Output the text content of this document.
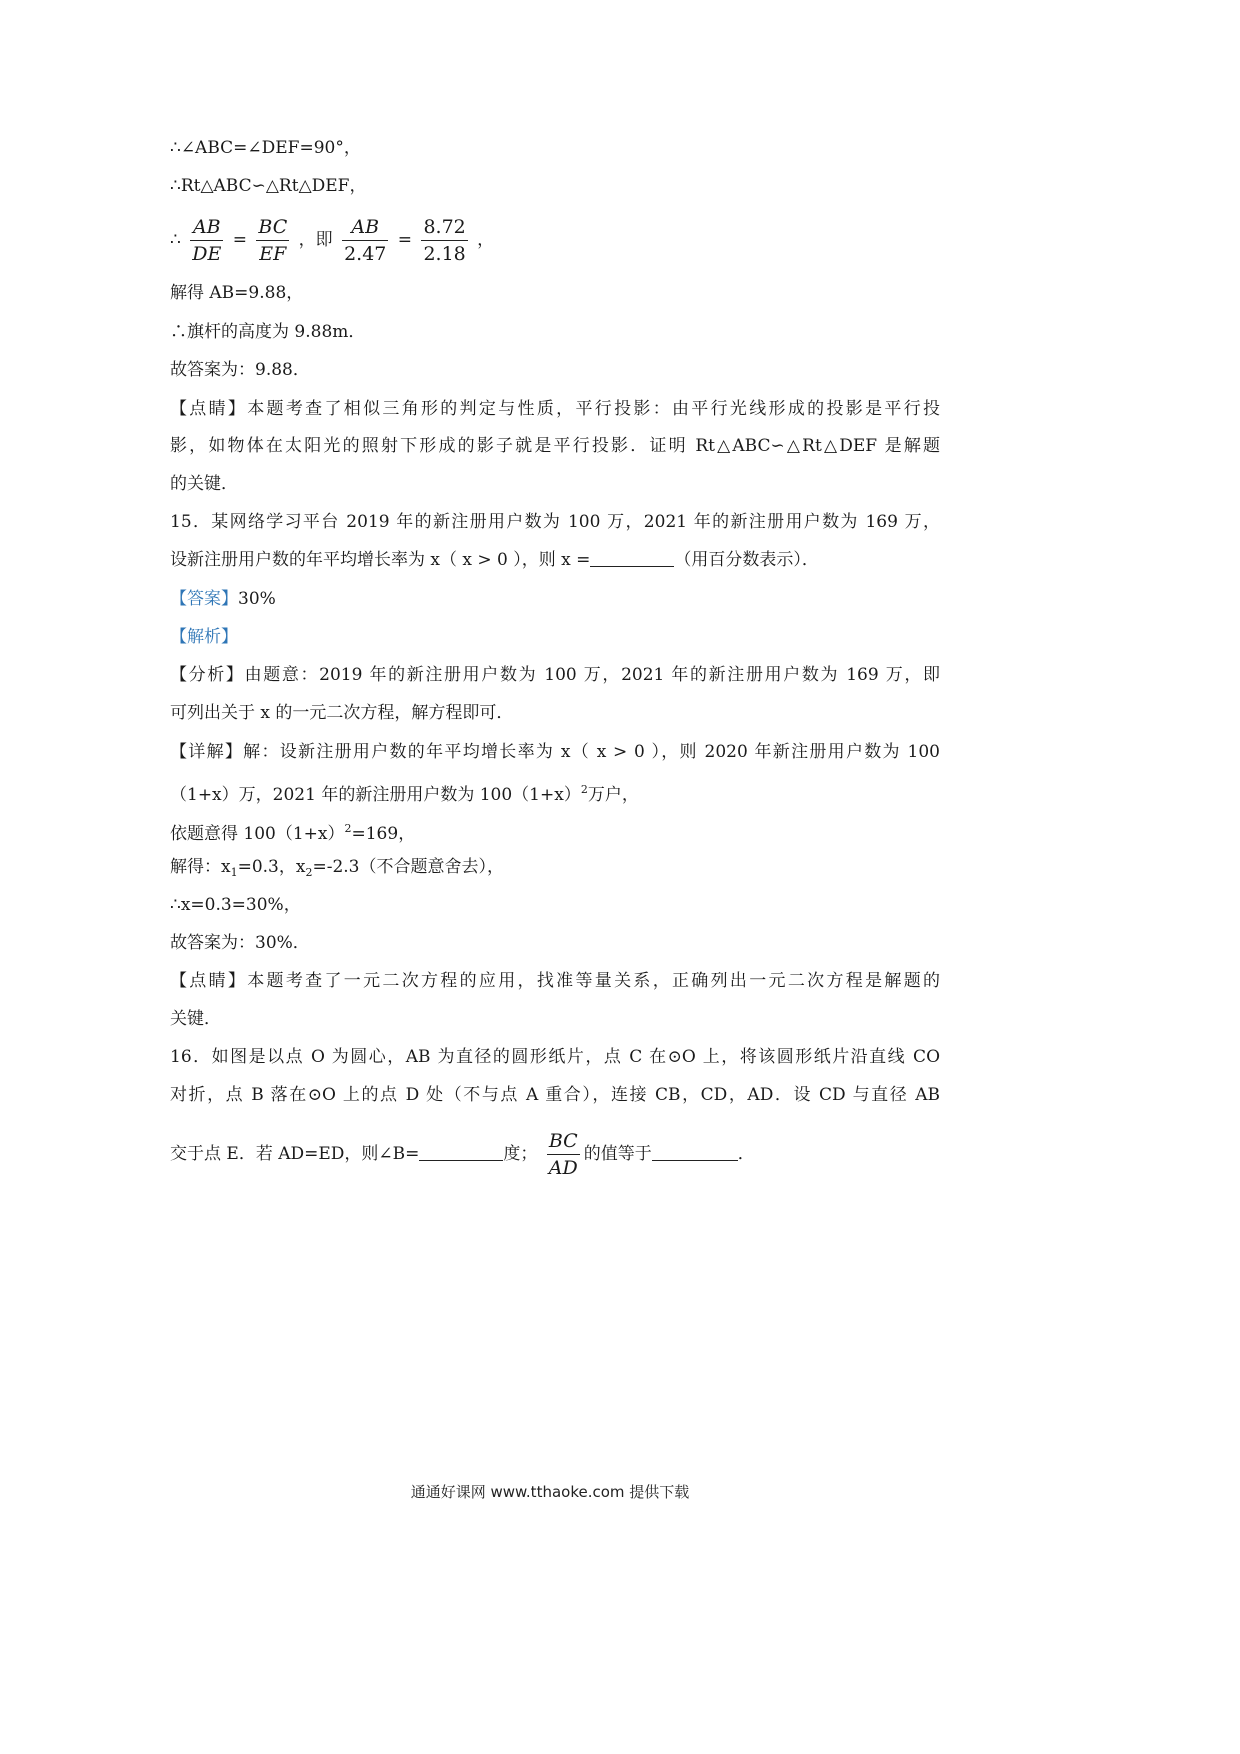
∴∠ABC=∠DEF=90°，
∴Rt△ABC∽△Rt△DEF，
∴ $\frac{AB}{DE} = \frac{BC}{EF}$ ，即 $\frac{AB}{2.47} = \frac{8.72}{2.18}$ ，
解得 AB=9.88，
∴旗杆的高度为 9.88m．
故答案为：9.88．
【点睛】本题考查了相似三角形的判定与性质，平行投影：由平行光线形成的投影是平行投
影，如物体在太阳光的照射下形成的影子就是平行投影．证明 Rt△ABC∽△Rt△DEF 是解题
的关键．
15．某网络学习平台 2019 年的新注册用户数为 100 万，2021 年的新注册用户数为 169 万，
设新注册用户数的年平均增长率为 x（ x > 0 ），则 x =	（用百分数表示）．
【答案】30%
【解析】
【分析】由题意：2019 年的新注册用户数为 100 万，2021 年的新注册用户数为 169 万，即
可列出关于 x 的一元二次方程，解方程即可．
【详解】解：设新注册用户数的年平均增长率为 x（ x > 0 ），则 2020 年新注册用户数为 100
（1+x）万，2021 年的新注册用户数为 $100(1+x)^2$万户，
依题意得 $100(1+x)^2=169$，
解得：$x_1=0.3$，$x_2=-2.3$（不合题意舍去），
∴x=0.3=30%，
故答案为：30%．
【点睛】本题考查了一元二次方程的应用，找准等量关系，正确列出一元二次方程是解题的
关键．
16．如图是以点 O 为圆心，AB 为直径的圆形纸片，点 C 在⊙O 上，将该圆形纸片沿直线 CO
对折，点 B 落在⊙O 上的点 D 处（不与点 A 重合），连接 CB，CD，AD．设 CD 与直径 AB
交于点 E．若 AD=ED，则∠B=	度； $\frac{BC}{AD}$ 的值等于	．
通通好课网 www.tthaoke.com 提供下载
